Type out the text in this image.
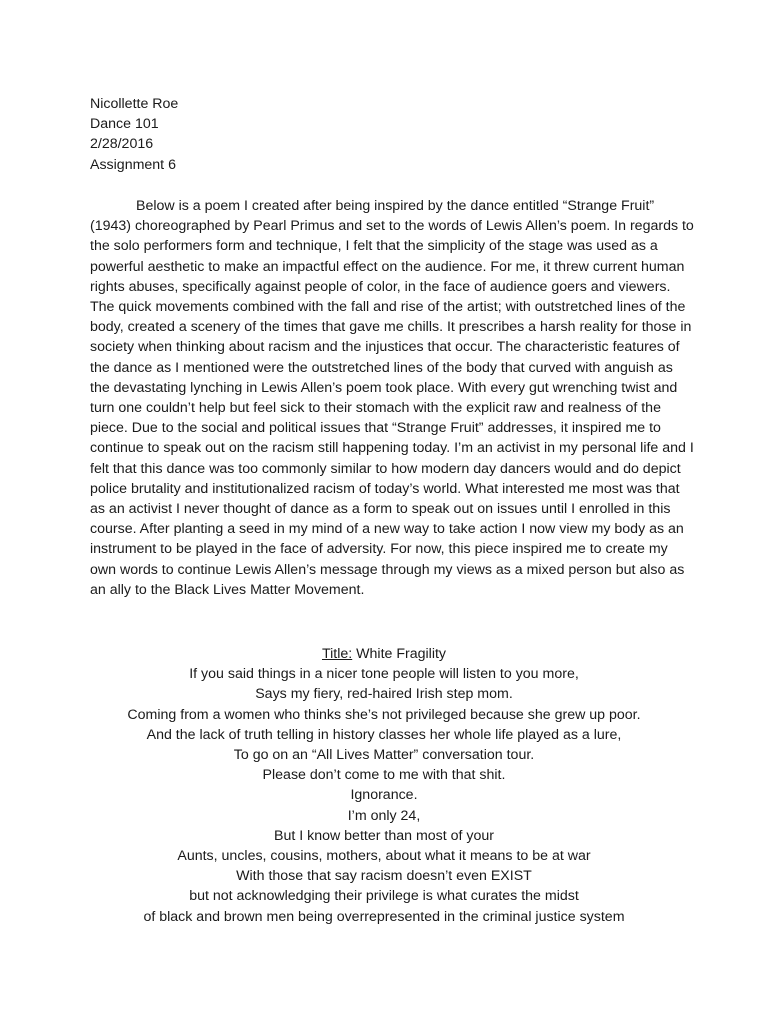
Nicollette Roe
Dance 101
2/28/2016
Assignment 6
Below is a poem I created after being inspired by the dance entitled “Strange Fruit”
(1943) choreographed by Pearl Primus and set to the words of Lewis Allen’s poem. In regards to
the solo performers form and technique, I felt that the simplicity of the stage was used as a
powerful aesthetic to make an impactful effect on the audience. For me, it threw current human
rights abuses, specifically against people of color, in the face of audience goers and viewers.
The quick movements combined with the fall and rise of the artist; with outstretched lines of the
body, created a scenery of the times that gave me chills. It prescribes a harsh reality for those in
society when thinking about racism and the injustices that occur. The characteristic features of
the dance as I mentioned were the outstretched lines of the body that curved with anguish as
the devastating lynching in Lewis Allen’s poem took place. With every gut wrenching twist and
turn one couldn’t help but feel sick to their stomach with the explicit raw and realness of the
piece. Due to the social and political issues that “Strange Fruit” addresses, it inspired me to
continue to speak out on the racism still happening today. I’m an activist in my personal life and I
felt that this dance was too commonly similar to how modern day dancers would and do depict
police brutality and institutionalized racism of today’s world. What interested me most was that
as an activist I never thought of dance as a form to speak out on issues until I enrolled in this
course. After planting a seed in my mind of a new way to take action I now view my body as an
instrument to be played in the face of adversity. For now, this piece inspired me to create my
own words to continue Lewis Allen’s message through my views as a mixed person but also as
an ally to the Black Lives Matter Movement.
Title: White Fragility
If you said things in a nicer tone people will listen to you more,
Says my fiery, red-haired Irish step mom.
Coming from a women who thinks she’s not privileged because she grew up poor.
And the lack of truth telling in history classes her whole life played as a lure,
To go on an “All Lives Matter” conversation tour.
Please don’t come to me with that shit.
Ignorance.
I’m only 24,
But I know better than most of your
Aunts, uncles, cousins, mothers, about what it means to be at war
With those that say racism doesn’t even EXIST
but not acknowledging their privilege is what curates the midst
of black and brown men being overrepresented in the criminal justice system
